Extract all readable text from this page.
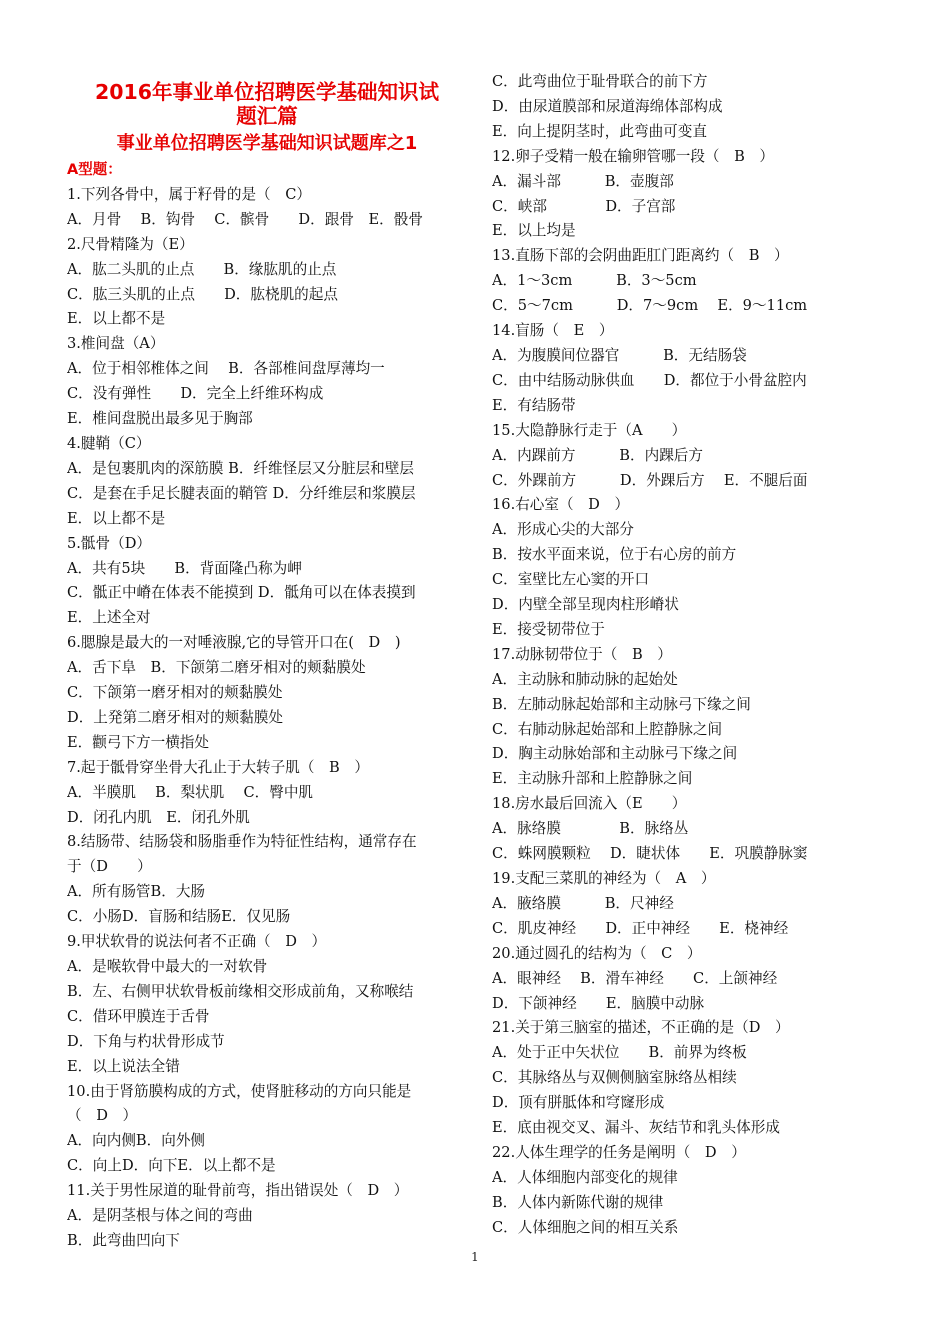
2016年事业单位招聘医学基础知识试
题汇篇
事业单位招聘医学基础知识试题库之1
A型题：
1.下列各骨中，属于籽骨的是（　C）
A．月骨　 B．钩骨　 C．髌骨　　D．跟骨　E．骰骨
2.尺骨精隆为（E）
A．肱二头肌的止点　　B．缘肱肌的止点
C．肱三头肌的止点　　D．肱桡肌的起点
E．以上都不是
3.椎间盘（A）
A．位于相邻椎体之间　 B．各部椎间盘厚薄均一
C．没有弹性　　D．完全上纤维环构成
E．椎间盘脱出最多见于胸部
4.腱鞘（C）
A．是包裹肌肉的深筋膜 B．纤维怪层又分脏层和壁层
C．是套在手足长腱表面的鞘管 D．分纤维层和浆膜层
E．以上都不是
5.骶骨（D）
A．共有5块　　B．背面隆凸称为岬
C．骶正中嵴在体表不能摸到 D．骶角可以在体表摸到
E．上述全对
6.腮腺是最大的一对唾液腺,它的导管开口在(　D　)
A．舌下阜　B．下颌第二磨牙相对的颊黏膜处
C．下颌第一磨牙相对的颊黏膜处
D．上発第二磨牙相对的颊黏膜处
E．颧弓下方一横指处
7.起于骶骨穿坐骨大孔止于大转子肌（　B　）
A．半膜肌　 B．梨状肌　 C．臀中肌
D．闭孔内肌　E．闭孔外肌
8.结肠带、结肠袋和肠脂垂作为特征性结构，通常存在
于（D　　）
A．所有肠管B．大肠
C．小肠D．盲肠和结肠E．仅见肠
9.甲状软骨的说法何者不正确（　D　）
A．是喉软骨中最大的一对软骨
B．左、右侧甲状软骨板前缘相交形成前角，又称喉结
C．借环甲膜连于舌骨
D．下角与杓状骨形成节
E．以上说法全错
10.由于肾筋膜构成的方式，使肾脏移动的方向只能是
（　D　）
A．向内侧B．向外侧
C．向上D．向下E．以上都不是
11.关于男性尿道的耻骨前弯，指出错误处（　D　）
A．是阴茎根与体之间的弯曲
B．此弯曲凹向下
C．此弯曲位于耻骨联合的前下方
D．由尿道膜部和尿道海绵体部构成
E．向上提阴茎时，此弯曲可变直
12.卵子受精一般在输卵管哪一段（　B　）
A．漏斗部　　　B．壶腹部
C．峡部　　　　D．子宫部
E．以上均是
13.直肠下部的会阴曲距肛门距离约（　B　）
A．1～3cm　　　B．3～5cm
C．5～7cm　　　D．7～9cm　 E．9～11cm
14.盲肠（　E　）
A．为腹膜间位器官　　　B．无结肠袋
C．由中结肠动脉供血　　D．都位于小骨盆腔内
E．有结肠带
15.大隐静脉行走于（A　　）
A．内踝前方　　　B．内踝后方
C．外踝前方　　　D．外踝后方　 E．不腿后面
16.右心室（　D　）
A．形成心尖的大部分
B．按水平面来说，位于右心房的前方
C．室壁比左心窦的开口
D．内壁全部呈现肉柱形嵴状
E．接受韧带位于
17.动脉韧带位于（　B　）
A．主动脉和肺动脉的起始处
B．左肺动脉起始部和主动脉弓下缘之间
C．右肺动脉起始部和上腔静脉之间
D．胸主动脉始部和主动脉弓下缘之间
E．主动脉升部和上腔静脉之间
18.房水最后回流入（E　　）
A．脉络膜　　　　B．脉络丛
C．蛛网膜颗粒　 D．睫状体　　E．巩膜静脉窦
19.支配三菜肌的神经为（　A　）
A．腋络膜　　　B．尺神经
C．肌皮神经　　D．正中神经　　E．桡神经
20.通过圆孔的结构为（　C　）
A．眼神经　 B．滑车神经　　C．上颌神经
D．下颌神经　　E．脑膜中动脉
21.关于第三脑室的描述，不正确的是（D　）
A．处于正中矢状位　　B．前界为终板
C．其脉络丛与双侧侧脑室脉络丛相续
D．顶有胼胝体和穹窿形成
E．底由视交叉、漏斗、灰结节和乳头体形成
22.人体生理学的任务是阐明（　D　）
A．人体细胞内部变化的规律
B．人体内新陈代谢的规律
C．人体细胞之间的相互关系
1
